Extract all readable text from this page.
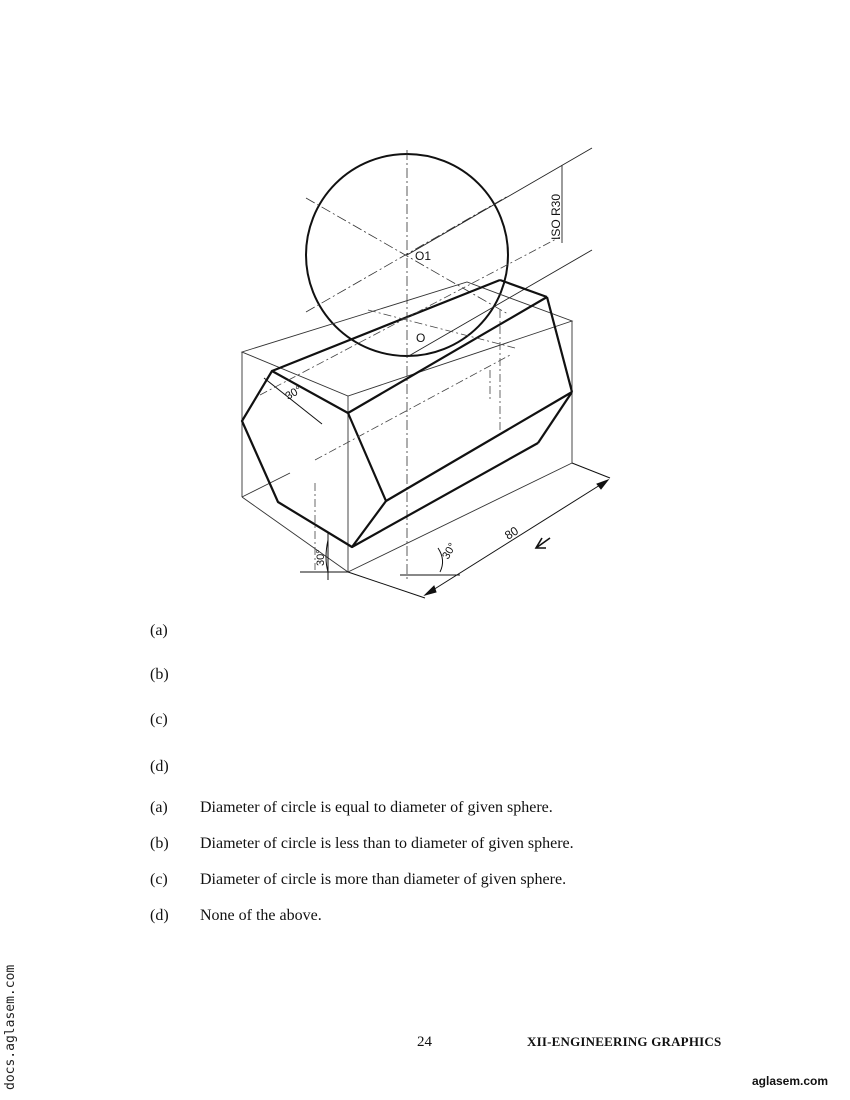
ISO R30
O1
O
30°
30°	30°
80
(a)
(b)
(c)
(d)
(a) Diameter of circle is equal to diameter of given sphere.
(b) Diameter of circle is less than to diameter of given sphere.
(c) Diameter of circle is more than diameter of given sphere.
(d) None of the above.
24	XII-ENGINEERING GRAPHICS
docs.aglasem.com	aglasem.com
